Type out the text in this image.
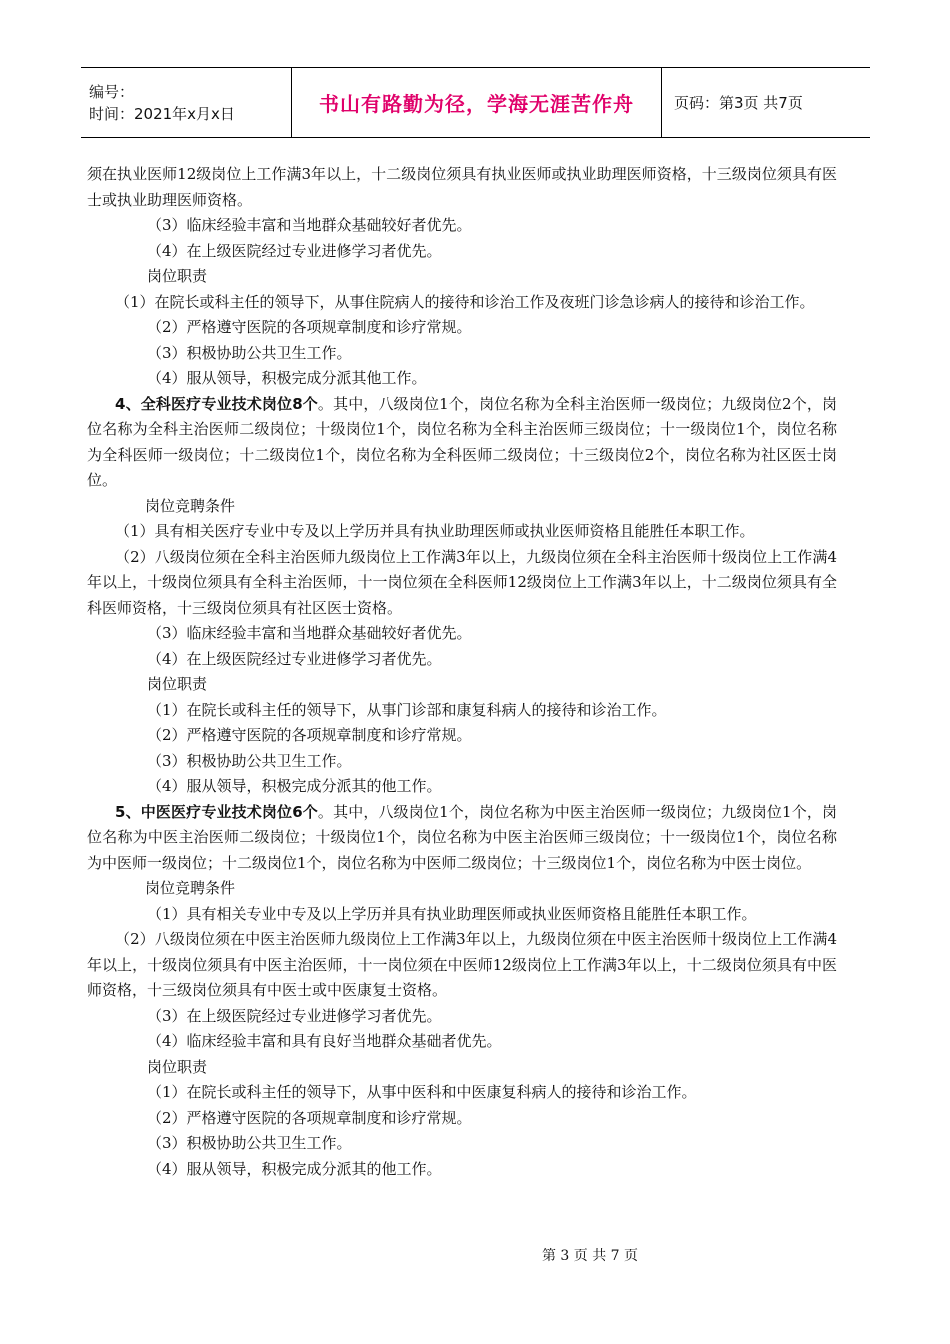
编号：
时间：2021年x月x日	书山有路勤为径，学海无涯苦作舟	页码：第3页 共7页

须在执业医师12级岗位上工作满3年以上，十二级岗位须具有执业医师或执业助理医师资格，十三级岗位须具有医士或执业助理医师资格。

（3）临床经验丰富和当地群众基础较好者优先。

（4）在上级医院经过专业进修学习者优先。

岗位职责

（1）在院长或科主任的领导下，从事住院病人的接待和诊治工作及夜班门诊急诊病人的接待和诊治工作。

（2）严格遵守医院的各项规章制度和诊疗常规。

（3）积极协助公共卫生工作。

（4）服从领导，积极完成分派其他工作。

4、全科医疗专业技术岗位8个。其中，八级岗位1个，岗位名称为全科主治医师一级岗位；九级岗位2个，岗位名称为全科主治医师二级岗位；十级岗位1个，岗位名称为全科主治医师三级岗位；十一级岗位1个，岗位名称为全科医师一级岗位；十二级岗位1个，岗位名称为全科医师二级岗位；十三级岗位2个，岗位名称为社区医士岗位。

岗位竞聘条件

（1）具有相关医疗专业中专及以上学历并具有执业助理医师或执业医师资格且能胜任本职工作。

（2）八级岗位须在全科主治医师九级岗位上工作满3年以上，九级岗位须在全科主治医师十级岗位上工作满4年以上，十级岗位须具有全科主治医师，十一岗位须在全科医师12级岗位上工作满3年以上，十二级岗位须具有全科医师资格，十三级岗位须具有社区医士资格。

（3）临床经验丰富和当地群众基础较好者优先。

（4）在上级医院经过专业进修学习者优先。

岗位职责

（1）在院长或科主任的领导下，从事门诊部和康复科病人的接待和诊治工作。

（2）严格遵守医院的各项规章制度和诊疗常规。

（3）积极协助公共卫生工作。

（4）服从领导，积极完成分派其的他工作。

5、中医医疗专业技术岗位6个。其中，八级岗位1个，岗位名称为中医主治医师一级岗位；九级岗位1个，岗位名称为中医主治医师二级岗位；十级岗位1个，岗位名称为中医主治医师三级岗位；十一级岗位1个，岗位名称为中医师一级岗位；十二级岗位1个，岗位名称为中医师二级岗位；十三级岗位1个，岗位名称为中医士岗位。

岗位竞聘条件

（1）具有相关专业中专及以上学历并具有执业助理医师或执业医师资格且能胜任本职工作。

（2）八级岗位须在中医主治医师九级岗位上工作满3年以上，九级岗位须在中医主治医师十级岗位上工作满4年以上，十级岗位须具有中医主治医师，十一岗位须在中医师12级岗位上工作满3年以上，十二级岗位须具有中医师资格，十三级岗位须具有中医士或中医康复士资格。

（3）在上级医院经过专业进修学习者优先。

（4）临床经验丰富和具有良好当地群众基础者优先。

岗位职责

（1）在院长或科主任的领导下，从事中医科和中医康复科病人的接待和诊治工作。

（2）严格遵守医院的各项规章制度和诊疗常规。

（3）积极协助公共卫生工作。

（4）服从领导，积极完成分派其的他工作。

第 3 页 共 7 页
